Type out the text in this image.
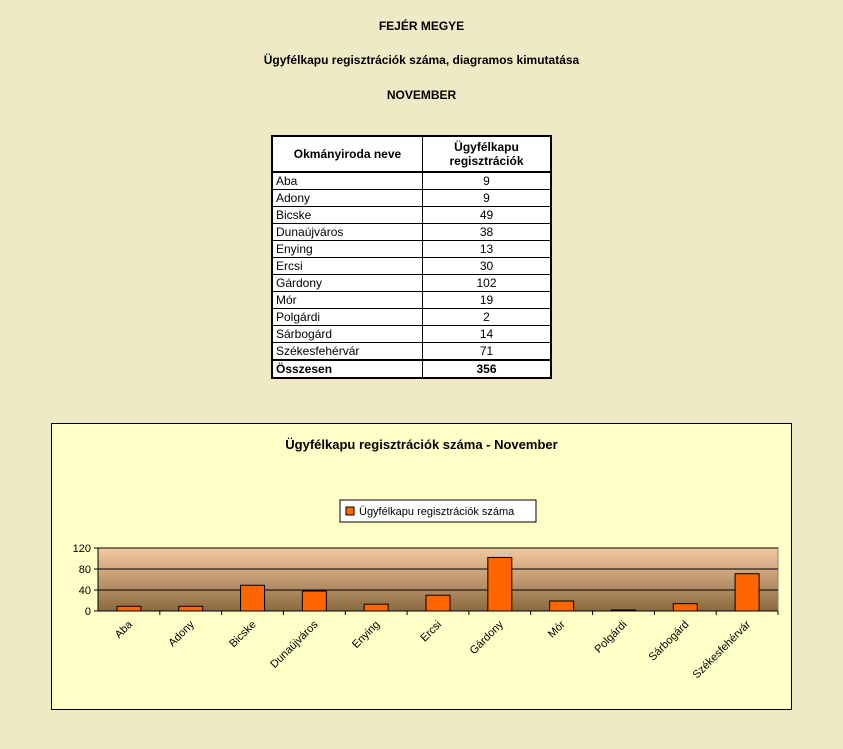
FEJÉR MEGYE
Ügyfélkapu regisztrációk száma, diagramos kimutatása
NOVEMBER
Okmányiroda neve	Ügyfélkapu
regisztrációk
Aba	9
Adony	9
Bicske	49
Dunaújváros	38
Enying	13
Ercsi	30
Gárdony	102
Mór	19
Polgárdi	2
Sárbogárd	14
Székesfehérvár	71
Összesen	356
Ügyfélkapu regisztrációk száma - November
0
40
80
120
Aba	Adony	Bicske Dunaújváros	Enying	Ercsi Gárdony	Mór Polgárdi Sárbogárd Székesfehérvár
Ügyfélkapu regisztrációk száma
